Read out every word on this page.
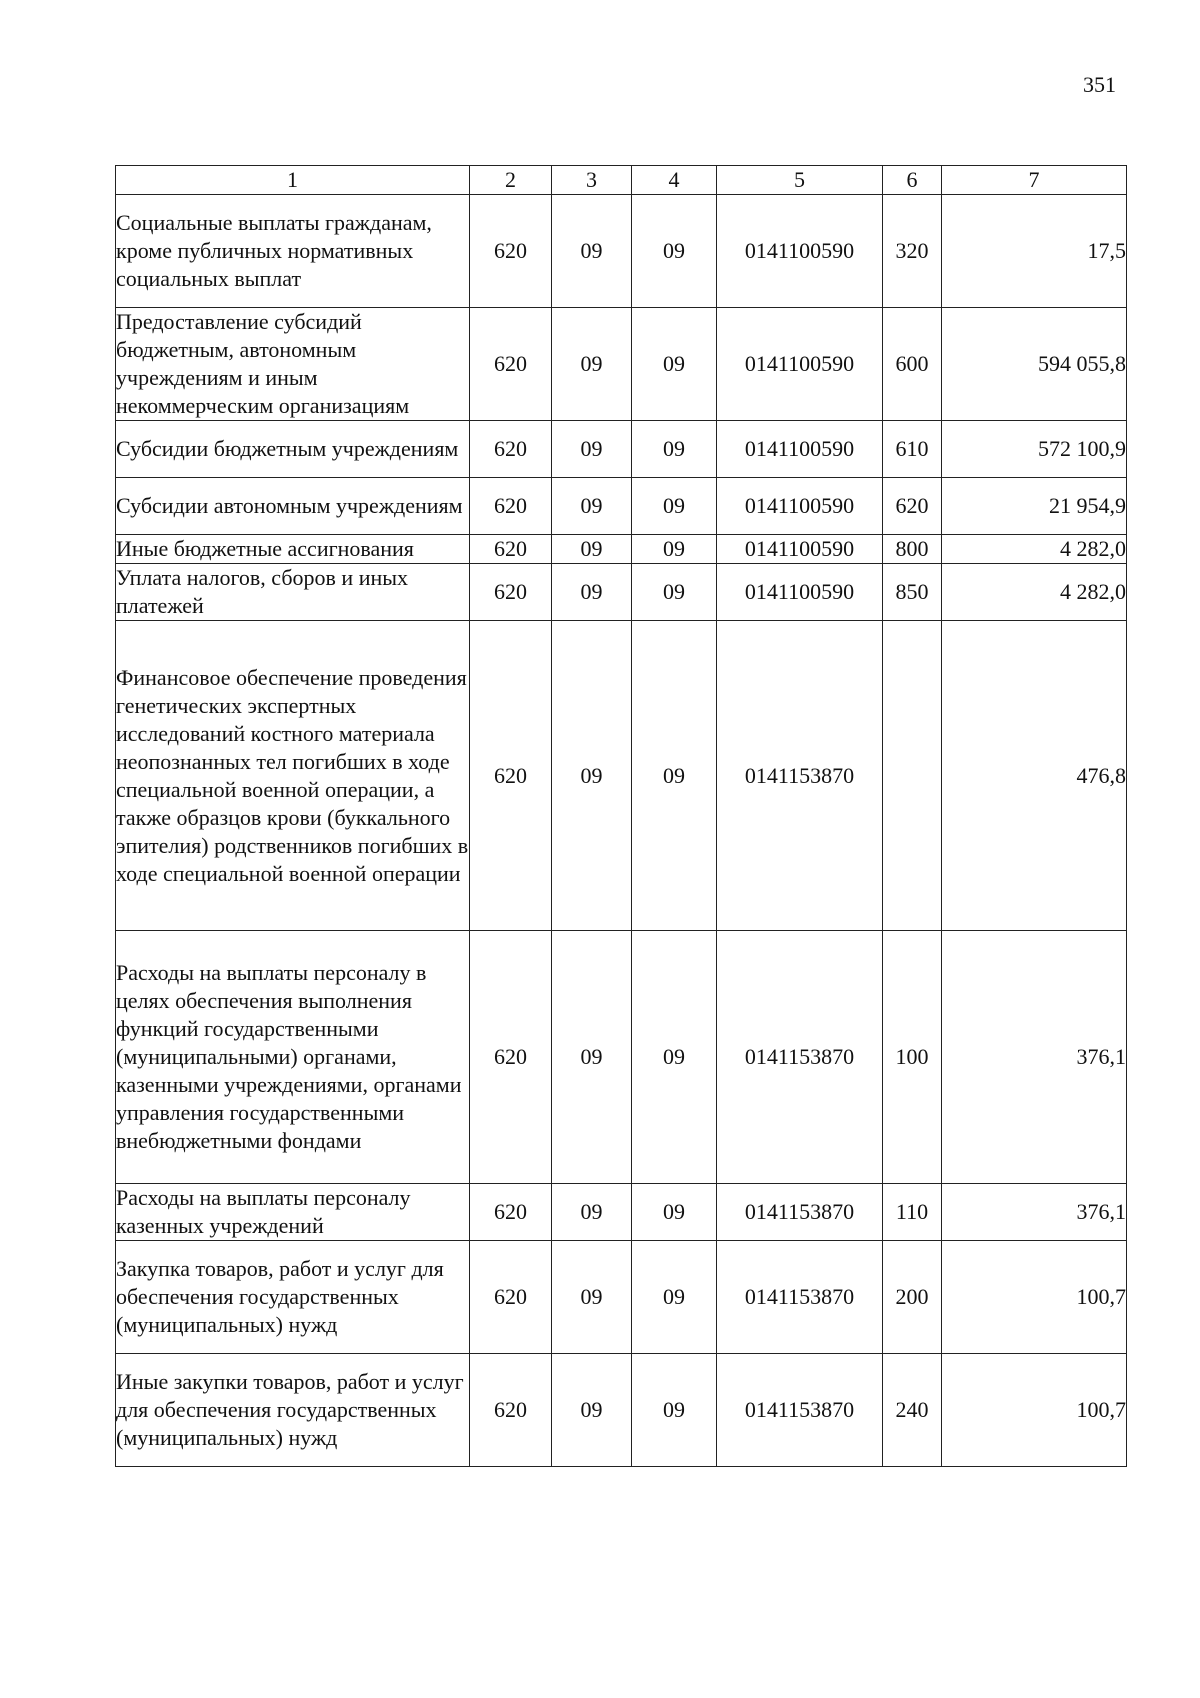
351
1	2	3	4	5	6	7
Социальные выплаты гражданам, кроме публичных нормативных социальных выплат	620	09	09	0141100590	320	17,5
Предоставление субсидий бюджетным, автономным учреждениям и иным некоммерческим организациям	620	09	09	0141100590	600	594 055,8
Субсидии бюджетным учреждениям	620	09	09	0141100590	610	572 100,9
Субсидии автономным учреждениям	620	09	09	0141100590	620	21 954,9
Иные бюджетные ассигнования	620	09	09	0141100590	800	4 282,0
Уплата налогов, сборов и иных платежей	620	09	09	0141100590	850	4 282,0
Финансовое обеспечение проведения генетических экспертных исследований костного материала неопознанных тел погибших в ходе специальной военной операции, а также образцов крови (буккального эпителия) родственников погибших в ходе специальной военной операции	620	09	09	0141153870		476,8
Расходы на выплаты персоналу в целях обеспечения выполнения функций государственными (муниципальными) органами, казенными учреждениями, органами управления государственными внебюджетными фондами	620	09	09	0141153870	100	376,1
Расходы на выплаты персоналу казенных учреждений	620	09	09	0141153870	110	376,1
Закупка товаров, работ и услуг для обеспечения государственных (муниципальных) нужд	620	09	09	0141153870	200	100,7
Иные закупки товаров, работ и услуг для обеспечения государственных (муниципальных) нужд	620	09	09	0141153870	240	100,7
